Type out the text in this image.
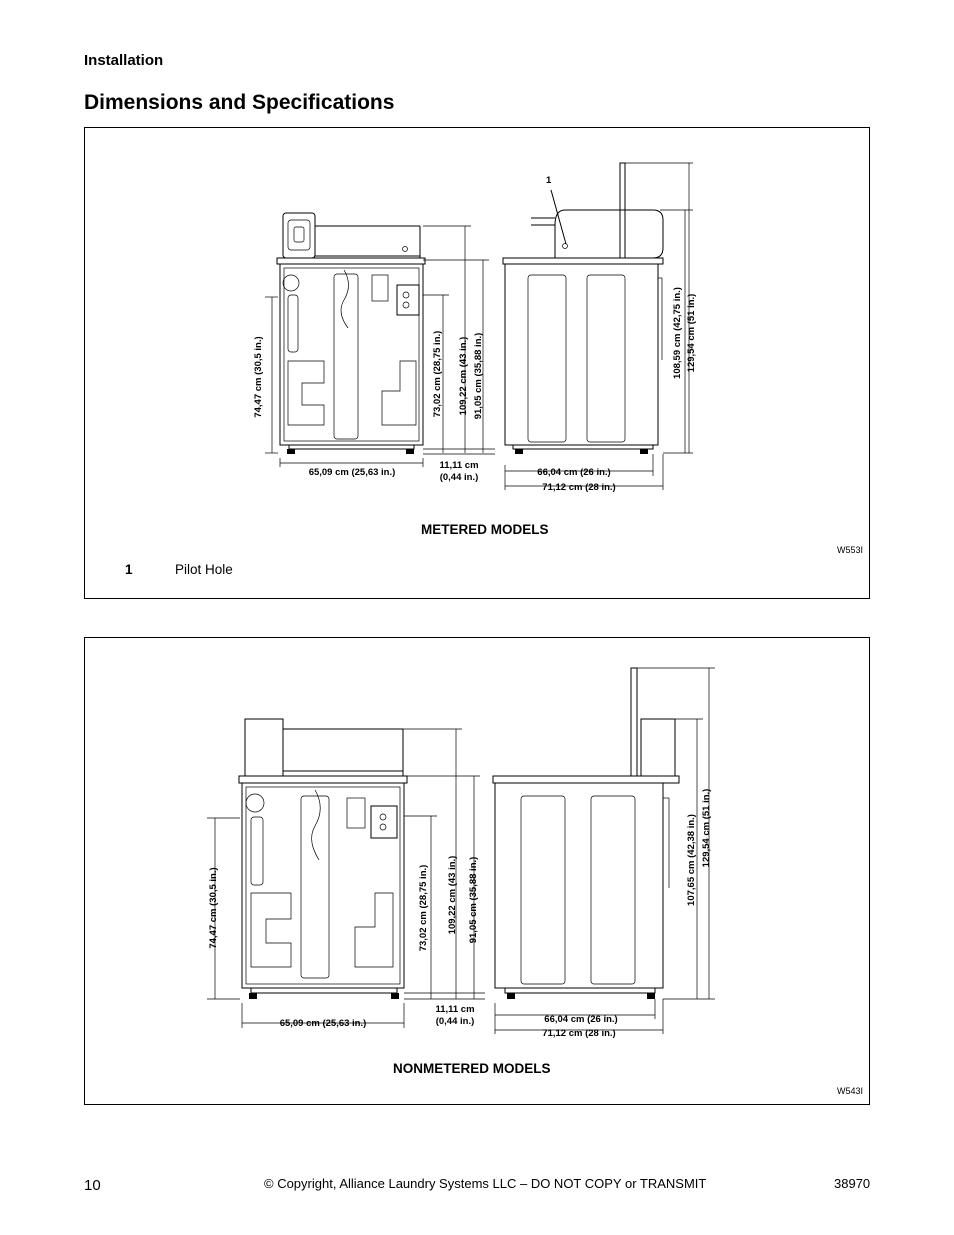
Installation
Dimensions and Specifications
1
74,47 cm (30,5 in.)
65,09 cm (25,63 in.)
73,02 cm (28,75 in.) 109,22 cm (43 in.) 91,05 cm (35,88 in.)
11,11 cm
(0,44 in.)	66,04 cm (26 in.)
71,12 cm (28 in.)
108,59 cm (42,75 in.) 129,54 cm (51 in.)
METERED MODELS
W553I
1	Pilot Hole
74,47 cm (30,5 in.)
65,09 cm (25,63 in.)
73,02 cm (28,75 in.) 109,22 cm (43 in.) 91,05 cm (35,88 in.)
11,11 cm
(0,44 in.)	66,04 cm (26 in.)
71,12 cm (28 in.)
107,65 cm (42,38 in.) 129,54 cm (51 in.)
NONMETERED MODELS
W543I
10	© Copyright, Alliance Laundry Systems LLC – DO NOT COPY or TRANSMIT	38970
